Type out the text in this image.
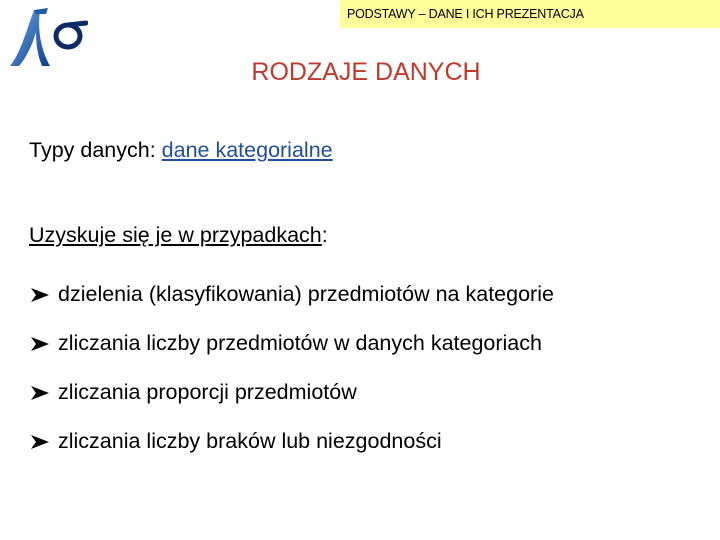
PODSTAWY – DANE I ICH PREZENTACJA
RODZAJE DANYCH
Typy danych: dane kategorialne
Uzyskuje się je w przypadkach:
dzielenia (klasyfikowania) przedmiotów na kategorie
zliczania liczby przedmiotów w danych kategoriach
zliczania proporcji przedmiotów
zliczania liczby braków lub niezgodności
